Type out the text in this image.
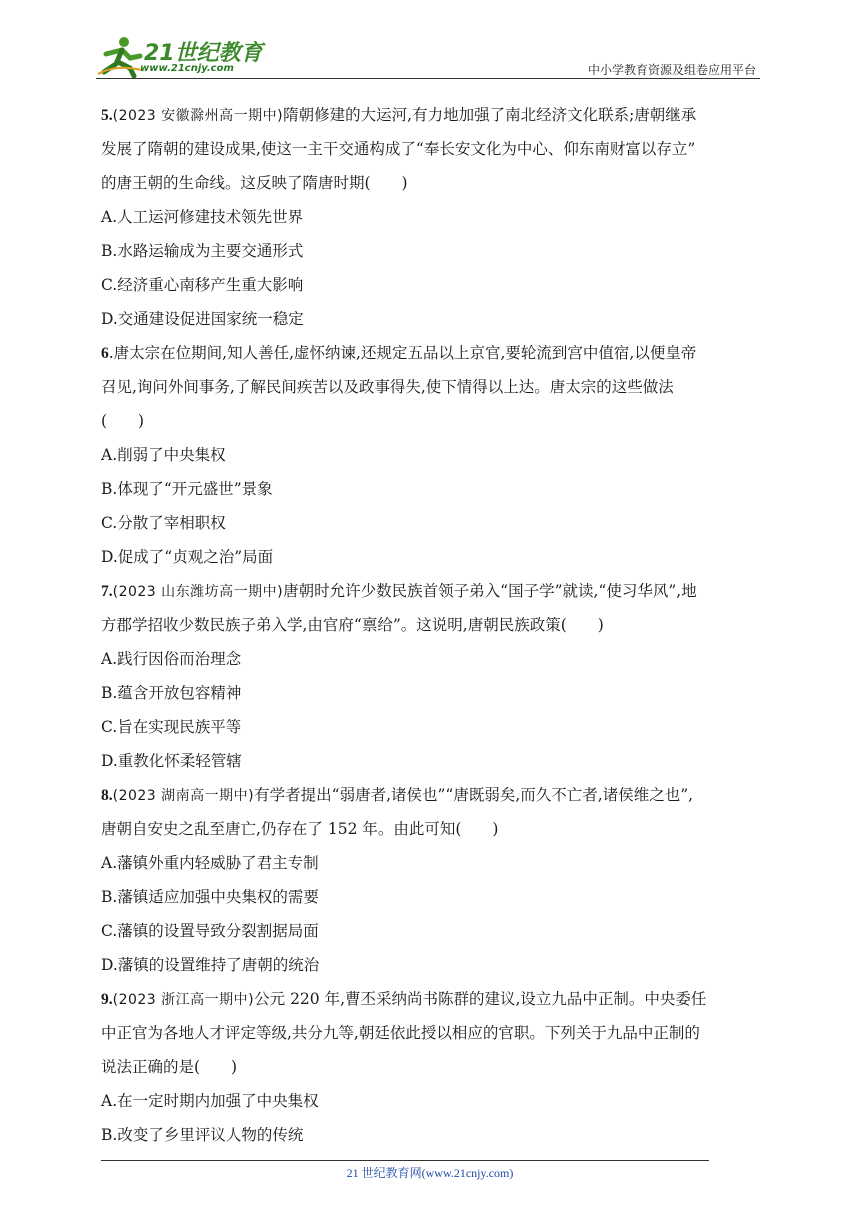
21世纪教育
www.21cnjy.com	中小学教育资源及组卷应用平台
5.(2023 安徽滁州高一期中)隋朝修建的大运河,有力地加强了南北经济文化联系;唐朝继承
发展了隋朝的建设成果,使这一主干交通构成了“奉长安文化为中心、仰东南财富以存立”
的唐王朝的生命线。这反映了隋唐时期(　　)
A.人工运河修建技术领先世界
B.水路运输成为主要交通形式
C.经济重心南移产生重大影响
D.交通建设促进国家统一稳定
6.唐太宗在位期间,知人善任,虚怀纳谏,还规定五品以上京官,要轮流到宫中值宿,以便皇帝
召见,询问外间事务,了解民间疾苦以及政事得失,使下情得以上达。唐太宗的这些做法
(　　)
A.削弱了中央集权
B.体现了“开元盛世”景象
C.分散了宰相职权
D.促成了“贞观之治”局面
7.(2023 山东潍坊高一期中)唐朝时允许少数民族首领子弟入“国子学”就读,“使习华风”,地
方郡学招收少数民族子弟入学,由官府“禀给”。这说明,唐朝民族政策(　　)
A.践行因俗而治理念
B.蕴含开放包容精神
C.旨在实现民族平等
D.重教化怀柔轻管辖
8.(2023 湖南高一期中)有学者提出“弱唐者,诸侯也”“唐既弱矣,而久不亡者,诸侯维之也”,
唐朝自安史之乱至唐亡,仍存在了 152 年。由此可知(　　)
A.藩镇外重内轻威胁了君主专制
B.藩镇适应加强中央集权的需要
C.藩镇的设置导致分裂割据局面
D.藩镇的设置维持了唐朝的统治
9.(2023 浙江高一期中)公元 220 年,曹丕采纳尚书陈群的建议,设立九品中正制。中央委任
中正官为各地人才评定等级,共分九等,朝廷依此授以相应的官职。下列关于九品中正制的
说法正确的是(　　)
A.在一定时期内加强了中央集权
B.改变了乡里评议人物的传统
21 世纪教育网(www.21cnjy.com)
